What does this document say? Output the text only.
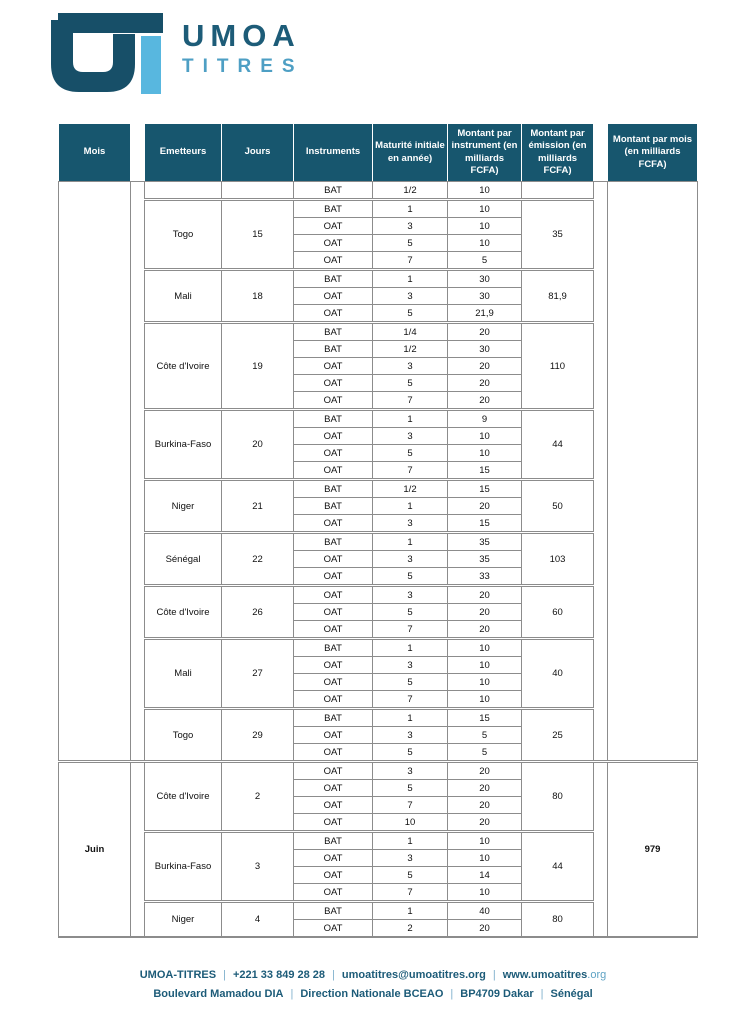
UMOA
TITRES
Mois		Emetteurs	Jours	Instruments	Maturité initiale en année)	Montant par instrument (en milliards FCFA)	Montant par émission (en milliards FCFA)		Montant par mois (en milliards FCFA)
				BAT	1/2	10			
		Togo	15	BAT	1	10	35		
				OAT	3	10			
				OAT	5	10			
				OAT	7	5			
		Mali	18	BAT	1	30	81,9		
				OAT	3	30			
				OAT	5	21,9			
		Côte d'Ivoire	19	BAT	1/4	20	110		
				BAT	1/2	30			
				OAT	3	20			
				OAT	5	20			
				OAT	7	20			
		Burkina-Faso	20	BAT	1	9	44		
				OAT	3	10			
				OAT	5	10			
				OAT	7	15			
		Niger	21	BAT	1/2	15	50		
				BAT	1	20			
				OAT	3	15			
		Sénégal	22	BAT	1	35	103		
				OAT	3	35			
				OAT	5	33			
		Côte d'Ivoire	26	OAT	3	20	60		
				OAT	5	20			
				OAT	7	20			
		Mali	27	BAT	1	10	40		
				OAT	3	10			
				OAT	5	10			
				OAT	7	10			
		Togo	29	BAT	1	15	25		
				OAT	3	5			
				OAT	5	5			
Juin		Côte d'Ivoire	2	OAT	3	20	80		979
				OAT	5	20			
				OAT	7	20			
				OAT	10	20			
		Burkina-Faso	3	BAT	1	10	44		
				OAT	3	10			
				OAT	5	14			
				OAT	7	10			
		Niger	4	BAT	1	40	80		
				OAT	2	20			
UMOA-TITRES | +221 33 849 28 28 | umoatitres@umoatitres.org | www.umoatitres.org
Boulevard Mamadou DIA | Direction Nationale BCEAO | BP4709 Dakar | Sénégal
